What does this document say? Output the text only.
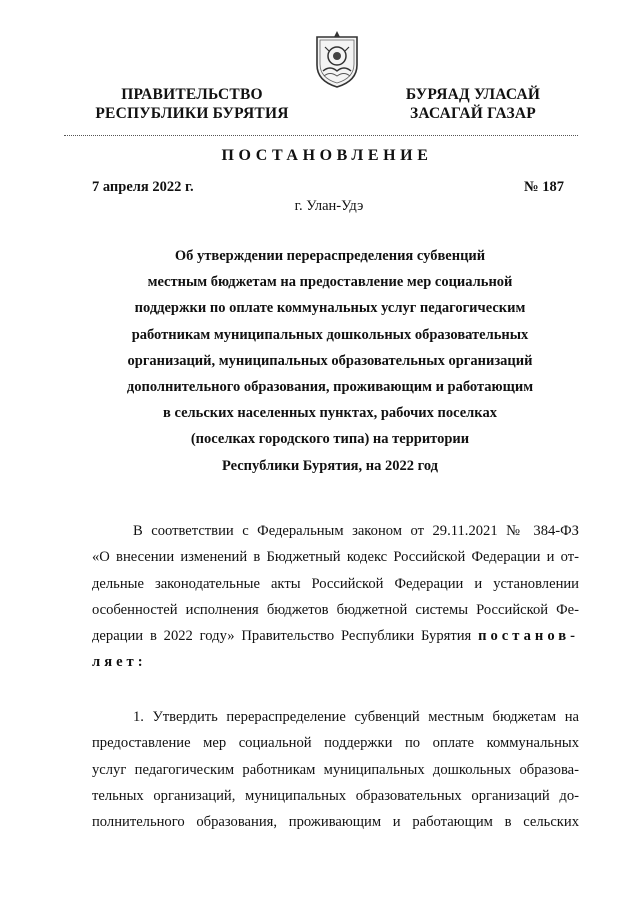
ПРАВИТЕЛЬСТВО
РЕСПУБЛИКИ БУРЯТИЯ
БУРЯАД УЛАСАЙ
ЗАСАГАЙ ГАЗАР
ПОСТАНОВЛЕНИЕ
7 апреля 2022 г.	№ 187
г. Улан-Удэ
Об утверждении перераспределения субвенций
местным бюджетам на предоставление мер социальной
поддержки по оплате коммунальных услуг педагогическим
работникам муниципальных дошкольных образовательных
организаций, муниципальных образовательных организаций
дополнительного образования, проживающим и работающим
в сельских населенных пунктах, рабочих поселках
(поселках городского типа) на территории
Республики Бурятия, на 2022 год
В соответствии с Федеральным законом от 29.11.2021 № 384-ФЗ
«О внесении изменений в Бюджетный кодекс Российской Федерации и от-
дельные законодательные акты Российской Федерации и установлении
особенностей исполнения бюджетов бюджетной системы Российской Фе-
дерации в 2022 году» Правительство Республики Бурятия постанов-
ляет:
1. Утвердить перераспределение субвенций местным бюджетам на
предоставление мер социальной поддержки по оплате коммунальных
услуг педагогическим работникам муниципальных дошкольных образова-
тельных организаций, муниципальных образовательных организаций до-
полнительного образования, проживающим и работающим в сельских
